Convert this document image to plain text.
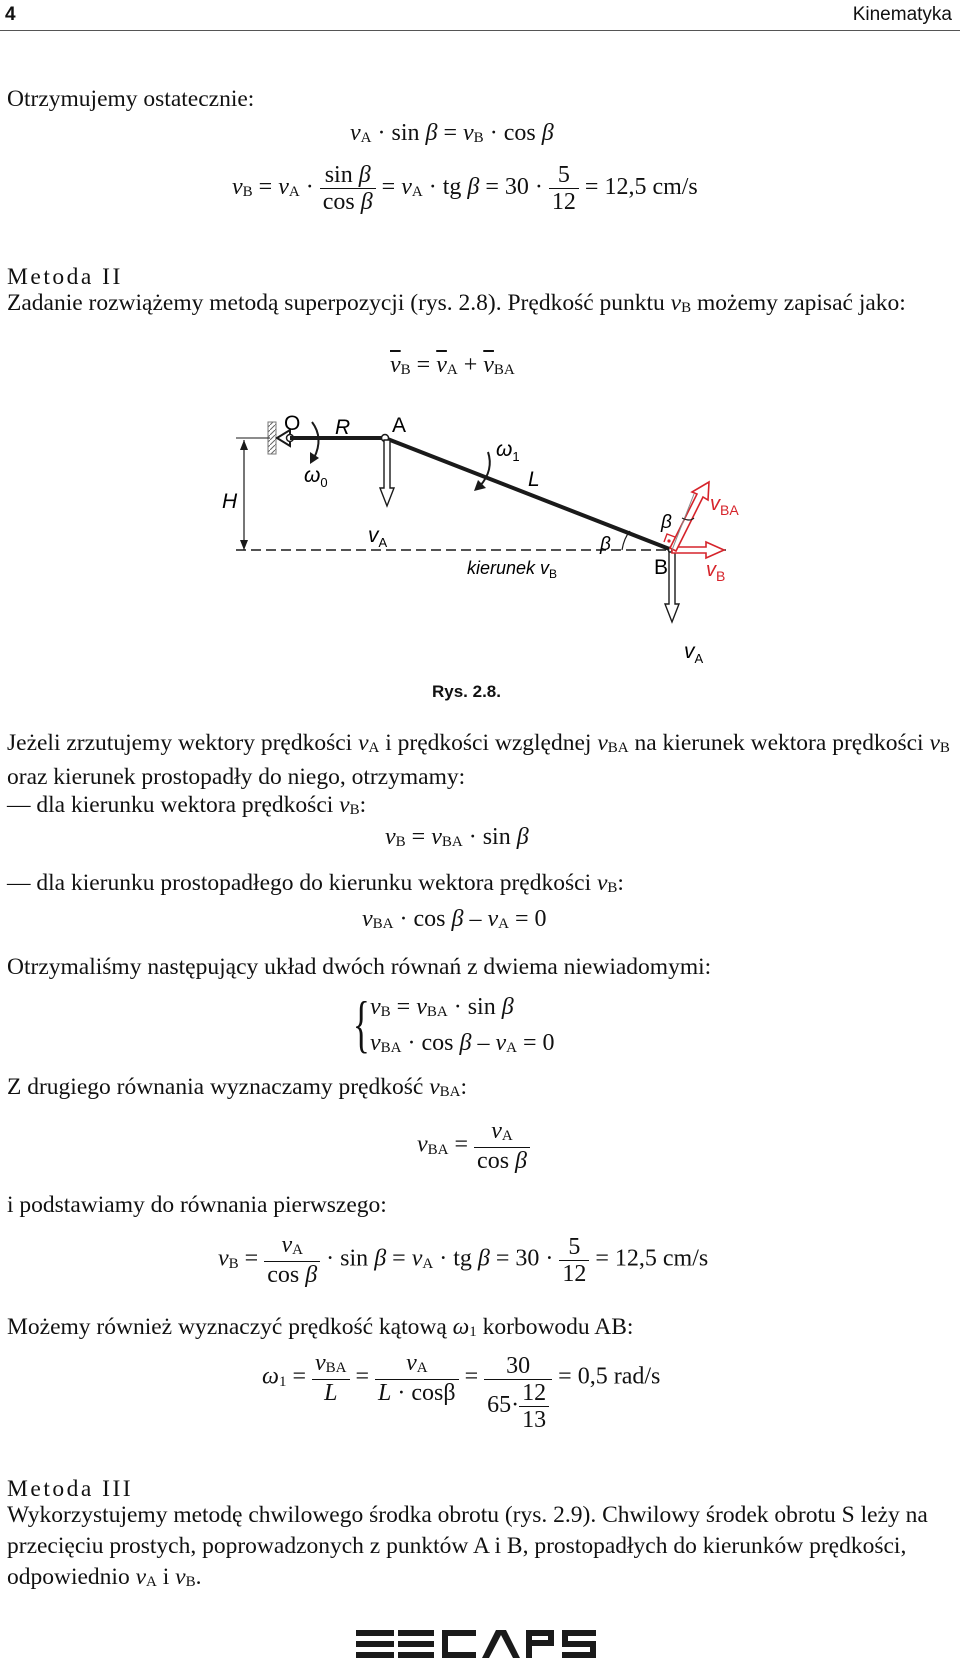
4	Kinematyka
Otrzymujemy ostatecznie:
vA · sin β = vB · cos β
vB = vA · $\frac{\text{sin β}}{\text{cos β}}$ = vA · tg $\beta = 30 \cdot \frac{5}{12} = 12,5$ cm/s
Metoda II
Zadanie rozwiążemy metodą superpozycji (rys. 2.8). Prędkość punktu vB możemy zapisać jako:
$\overline{v}B = \overline{v}A + \overline{v}BA$
O R A
H
L
$\omega_0$
$\omega_1$
$v_A$
$v_A$
β
β
$v_{BA}$
$v_B$
B
kierunek $v_B$
Rys. 2.8.
Jeżeli zrzutujemy wektory prędkości vA i prędkości względnej vBA na kierunek wektora prędkości vB oraz kierunek prostopadły do niego, otrzymamy:
— dla kierunku wektora prędkości vB:
vB = vBA · sin β
— dla kierunku prostopadłego do kierunku wektora prędkości vB:
vBA · cos β – vA = 0
Otrzymaliśmy następujący układ dwóch równań z dwiema niewiadomymi:
{ vB = vBA · sin β
vBA · cos β – vA = 0
Z drugiego równania wyznaczamy prędkość vBA:
vBA = $\frac{vA}{\text{cos β}}$
i podstawiamy do równania pierwszego:
vB = $\frac{vA}{\text{cos β}} \cdot \sin \beta$ = vA · tg $\beta = 30 \cdot \frac{5}{12} = 12,5$ cm/s
Możemy również wyznaczyć prędkość kątową ω1 korbowodu AB:
$\omega 1 = \frac{\text{vBA}}{L} = \frac{vA}{L \cdot \cos\beta} = \frac{30}{65\cdot \frac{12}{13}} = 0,5$ rad/s
Metoda III
Wykorzystujemy metodę chwilowego środka obrotu (rys. 2.9). Chwilowy środek obrotu S leży na przecięciu prostych, poprowadzonych z punktów A i B, prostopadłych do kierunków prędkości, odpowiednio vA i vB.
EECAPS
